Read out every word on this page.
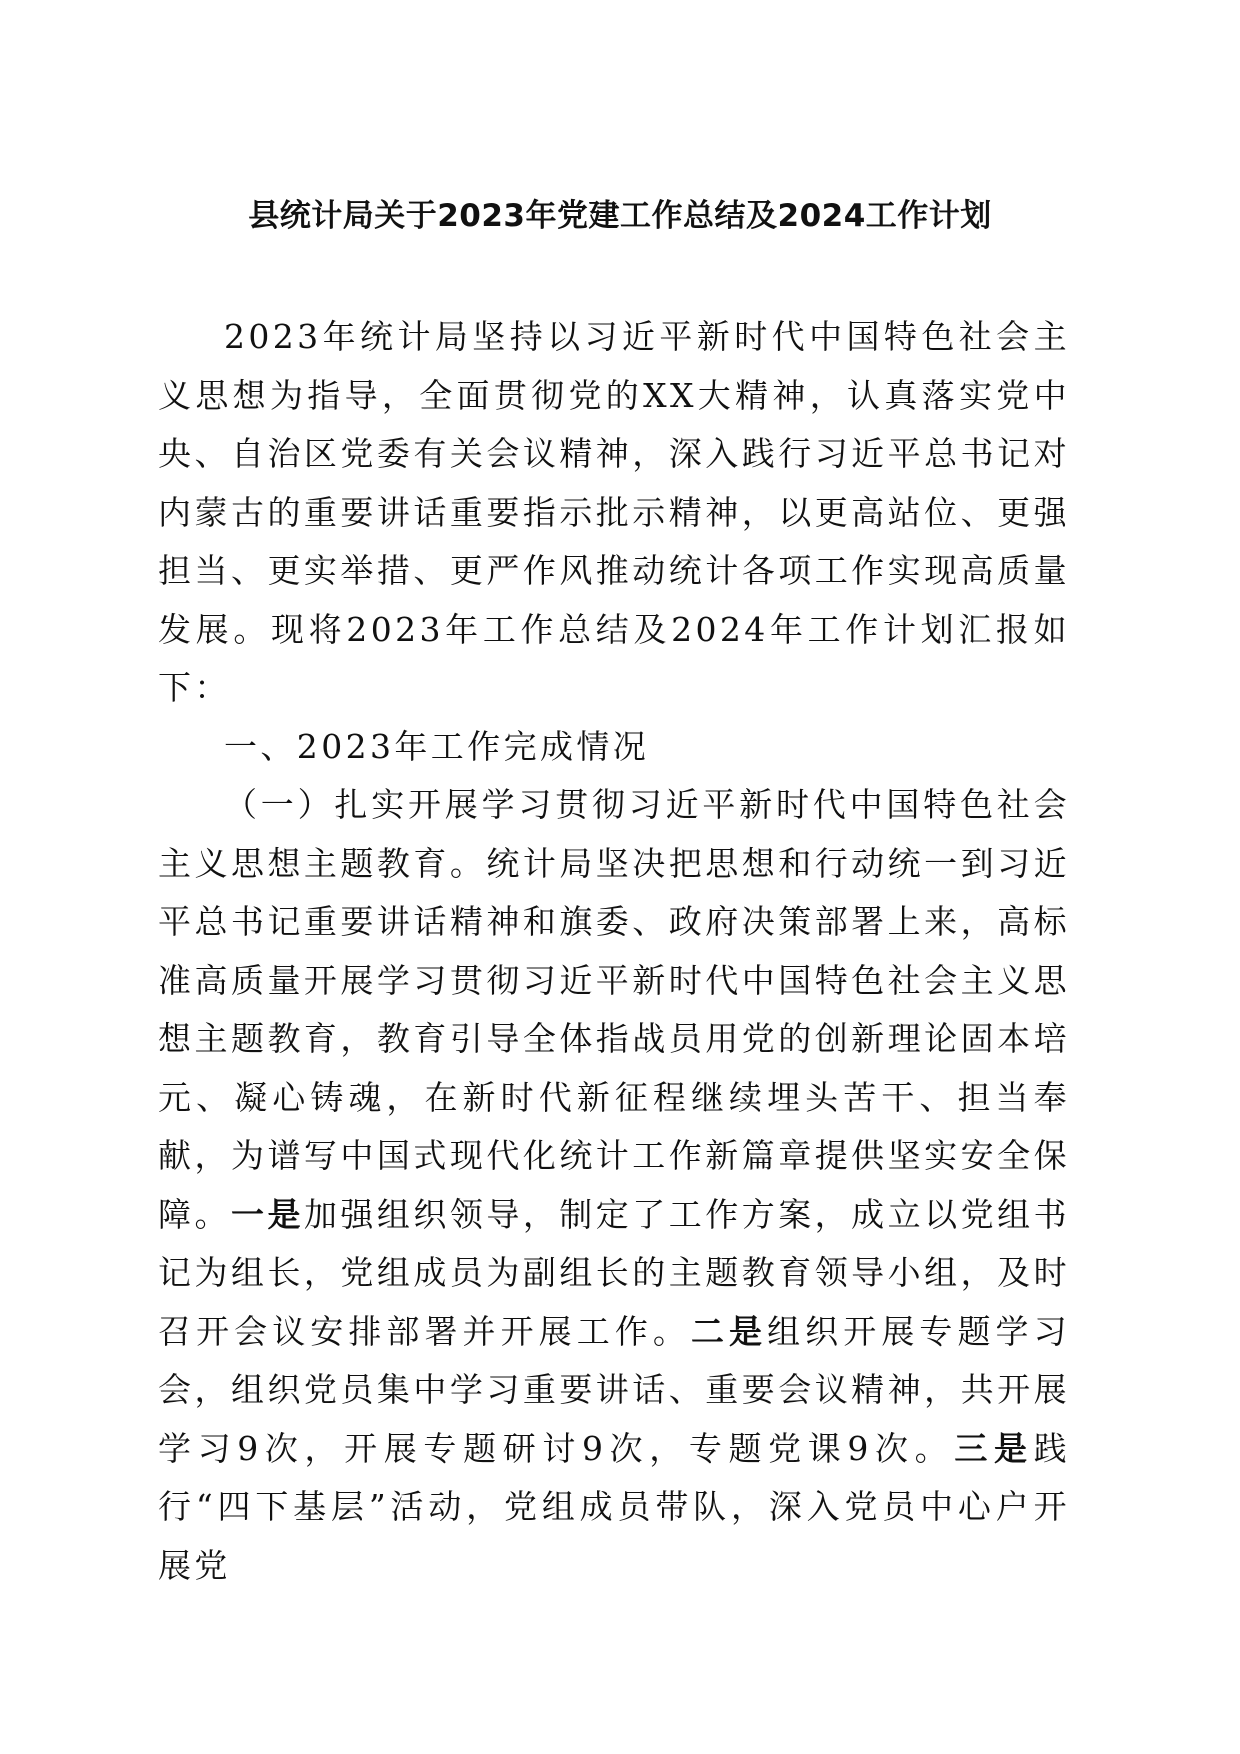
县统计局关于2023年党建工作总结及2024工作计划

2023年统计局坚持以习近平新时代中国特色社会主义思想为指导，全面贯彻党的XX大精神，认真落实党中央、自治区党委有关会议精神，深入践行习近平总书记对内蒙古的重要讲话重要指示批示精神，以更高站位、更强担当、更实举措、更严作风推动统计各项工作实现高质量发展。现将2023年工作总结及2024年工作计划汇报如下：

一、2023年工作完成情况

（一）扎实开展学习贯彻习近平新时代中国特色社会主义思想主题教育。统计局坚决把思想和行动统一到习近平总书记重要讲话精神和旗委、政府决策部署上来，高标准高质量开展学习贯彻习近平新时代中国特色社会主义思想主题教育，教育引导全体指战员用党的创新理论固本培元、凝心铸魂，在新时代新征程继续埋头苦干、担当奉献，为谱写中国式现代化统计工作新篇章提供坚实安全保障。一是加强组织领导，制定了工作方案，成立以党组书记为组长，党组成员为副组长的主题教育领导小组，及时召开会议安排部署并开展工作。二是组织开展专题学习会，组织党员集中学习重要讲话、重要会议精神，共开展学习9次，开展专题研讨9次，专题党课9次。三是践行“四下基层”活动，党组成员带队，深入党员中心户开展党
